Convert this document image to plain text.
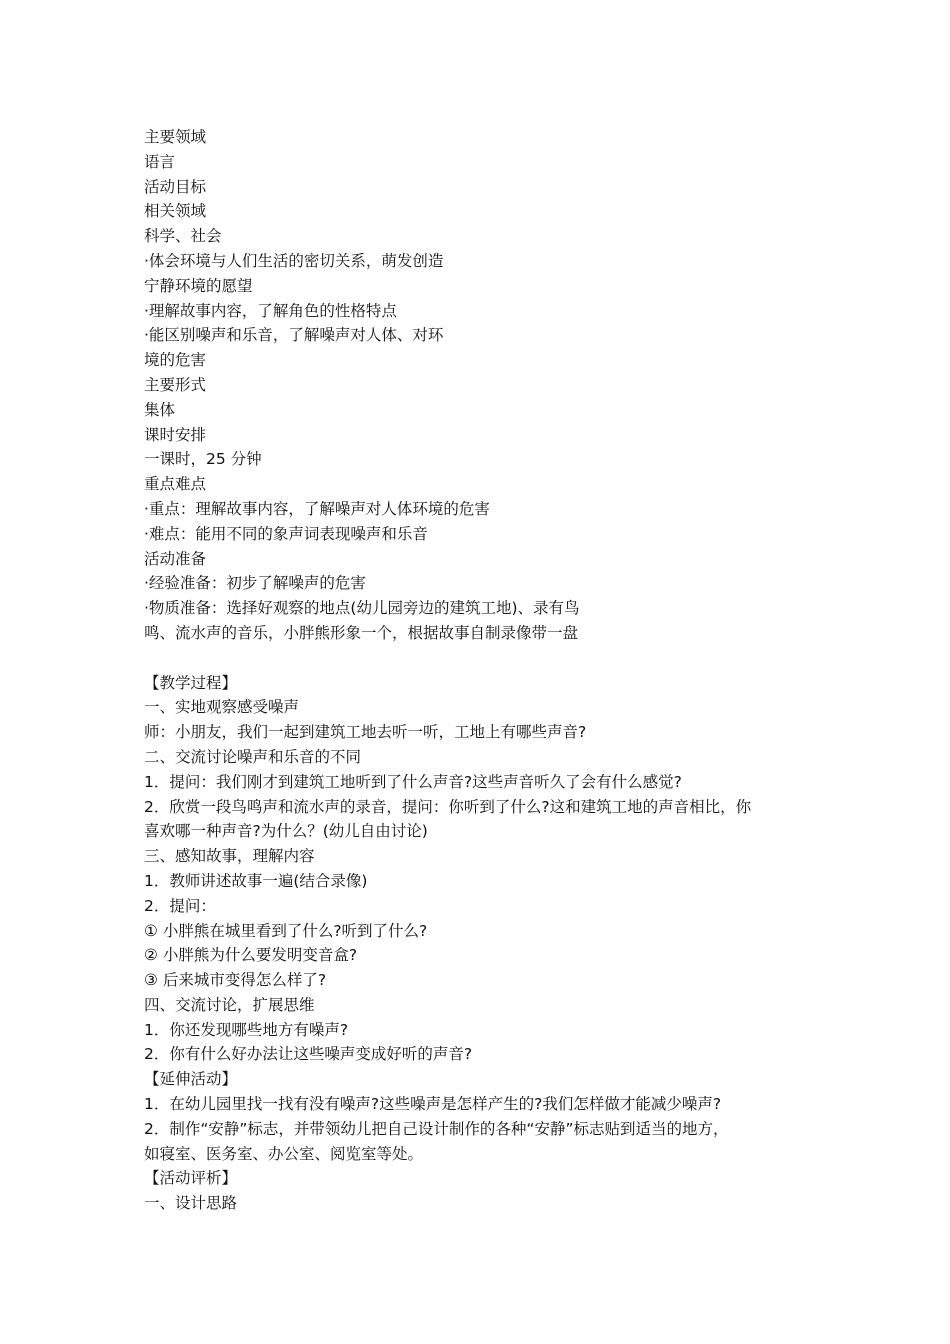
主要领域
语言
活动目标
相关领域
科学、社会
·体会环境与人们生活的密切关系，萌发创造
宁静环境的愿望
·理解故事内容，了解角色的性格特点
·能区别噪声和乐音，了解噪声对人体、对环
境的危害
主要形式
集体
课时安排
一课时，25 分钟
重点难点
·重点：理解故事内容，了解噪声对人体环境的危害
·难点：能用不同的象声词表现噪声和乐音
活动准备
·经验准备：初步了解噪声的危害
·物质准备：选择好观察的地点(幼儿园旁边的建筑工地)、录有鸟
鸣、流水声的音乐，小胖熊形象一个，根据故事自制录像带一盘
【教学过程】
一、实地观察感受噪声
师：小朋友，我们一起到建筑工地去听一听，工地上有哪些声音?
二、交流讨论噪声和乐音的不同
1．提问：我们刚才到建筑工地听到了什么声音?这些声音听久了会有什么感觉?
2．欣赏一段鸟鸣声和流水声的录音，提问：你听到了什么?这和建筑工地的声音相比，你
喜欢哪一种声音?为什么？(幼儿自由讨论)
三、感知故事，理解内容
1．教师讲述故事一遍(结合录像)
2．提问：
① 小胖熊在城里看到了什么?听到了什么?
② 小胖熊为什么要发明变音盒?
③ 后来城市变得怎么样了?
四、交流讨论，扩展思维
1．你还发现哪些地方有噪声?
2．你有什么好办法让这些噪声变成好听的声音?
【延伸活动】
1．在幼儿园里找一找有没有噪声?这些噪声是怎样产生的?我们怎样做才能减少噪声?
2．制作“安静”标志，并带领幼儿把自己设计制作的各种“安静”标志贴到适当的地方，
如寝室、医务室、办公室、阅览室等处。
【活动评析】
一、设计思路
